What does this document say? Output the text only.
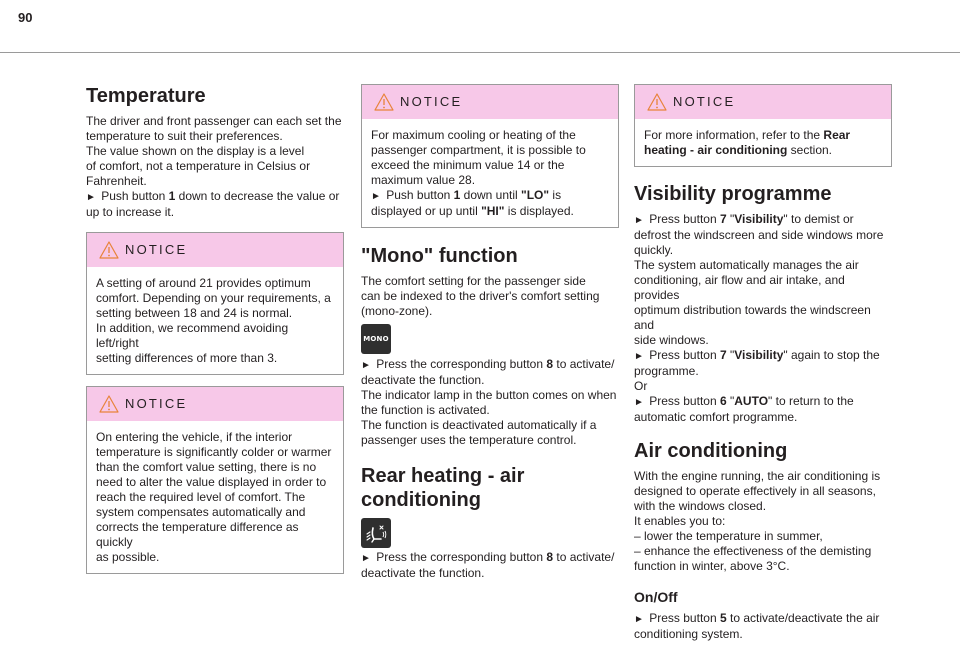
90
Temperature

The driver and front passenger can each set the
temperature to suit their preferences.
The value shown on the display is a level
of comfort, not a temperature in Celsius or
Fahrenheit.
► Push button 1 down to decrease the value or
up to increase it.

NOTICE

A setting of around 21 provides optimum
comfort. Depending on your requirements, a
setting between 18 and 24 is normal.
In addition, we recommend avoiding left/right
setting differences of more than 3.

NOTICE

On entering the vehicle, if the interior
temperature is significantly colder or warmer
than the comfort value setting, there is no
need to alter the value displayed in order to
reach the required level of comfort. The
system compensates automatically and
corrects the temperature difference as quickly
as possible.

NOTICE

For maximum cooling or heating of the
passenger compartment, it is possible to
exceed the minimum value 14 or the
maximum value 28.
► Push button 1 down until "LO" is
displayed or up until "HI" is displayed.

"Mono" function

The comfort setting for the passenger side
can be indexed to the driver's comfort setting
(mono-zone).

MONO

► Press the corresponding button 8 to activate/
deactivate the function.
The indicator lamp in the button comes on when
the function is activated.
The function is deactivated automatically if a
passenger uses the temperature control.

Rear heating - air
conditioning

► Press the corresponding button 8 to activate/
deactivate the function.

NOTICE

For more information, refer to the Rear
heating - air conditioning section.

Visibility programme

► Press button 7 "Visibility" to demist or
defrost the windscreen and side windows more
quickly.
The system automatically manages the air
conditioning, air flow and air intake, and provides
optimum distribution towards the windscreen and
side windows.
► Press button 7 "Visibility" again to stop the
programme.
Or
► Press button 6 "AUTO" to return to the
automatic comfort programme.

Air conditioning

With the engine running, the air conditioning is
designed to operate effectively in all seasons,
with the windows closed.
It enables you to:
– lower the temperature in summer,
– enhance the effectiveness of the demisting
function in winter, above 3°C.

On/Off

► Press button 5 to activate/deactivate the air
conditioning system.
